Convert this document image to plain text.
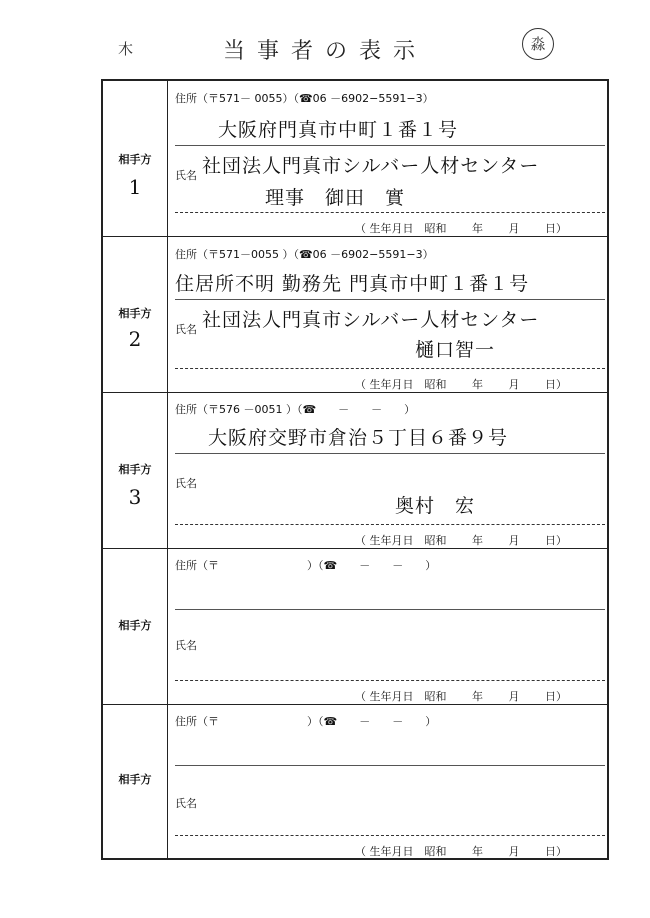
木	当事者の表示	淼
相手方
1
住所（〒571－ 0055）（☎06 －6902−5591−3）
大阪府門真市中町１番１号
氏名 社団法人門真市シルバー人材センター
理事　御田　實
（ 生年月日　昭和　　 年　　 月　　 日）
相手方
2
住所（〒571－0055 ）（☎06 －6902−5591−3）
住居所不明 勤務先 門真市中町１番１号
氏名 社団法人門真市シルバー人材センター
樋口智一
（ 生年月日　昭和　　 年　　 月　　 日）
相手方
3
住所（〒576 －0051 ）（☎　　－　　－　　）
大阪府交野市倉治５丁目６番９号
氏名
奥村　宏
（ 生年月日　昭和　　 年　　 月　　 日）
相手方
住所（〒　　　　　　　　）（☎　　－　　－　　）
氏名
（ 生年月日　昭和　　 年　　 月　　 日）
相手方
住所（〒　　　　　　　　）（☎　　－　　－　　）
氏名
（ 生年月日　昭和　　 年　　 月　　 日）
